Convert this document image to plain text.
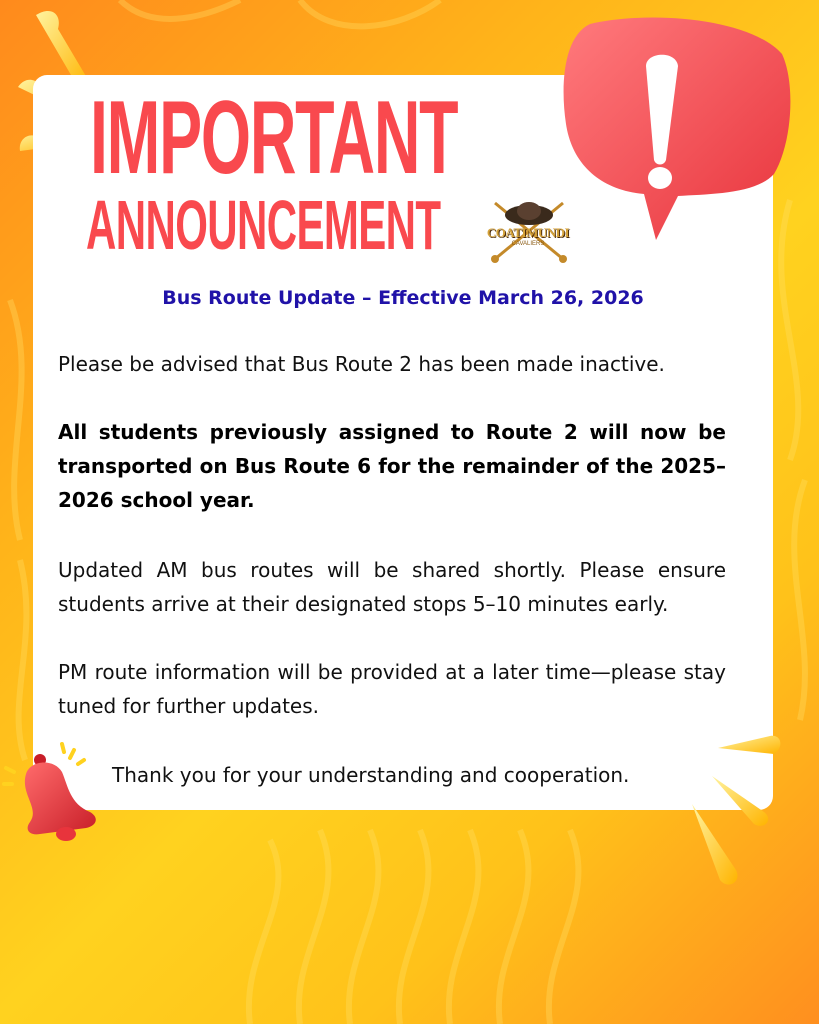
IMPORTANT
ANNOUNCEMENT	COATIMUNDI
CAVALIERS
Bus Route Update – Effective March 26, 2026
Please be advised that Bus Route 2 has been made inactive.
All students previously assigned to Route 2 will now be transported on Bus Route 6 for the remainder of the 2025–2026 school year.
Updated AM bus routes will be shared shortly. Please ensure students arrive at their designated stops 5–10 minutes early.
PM route information will be provided at a later time—please stay tuned for further updates.
Thank you for your understanding and cooperation.
